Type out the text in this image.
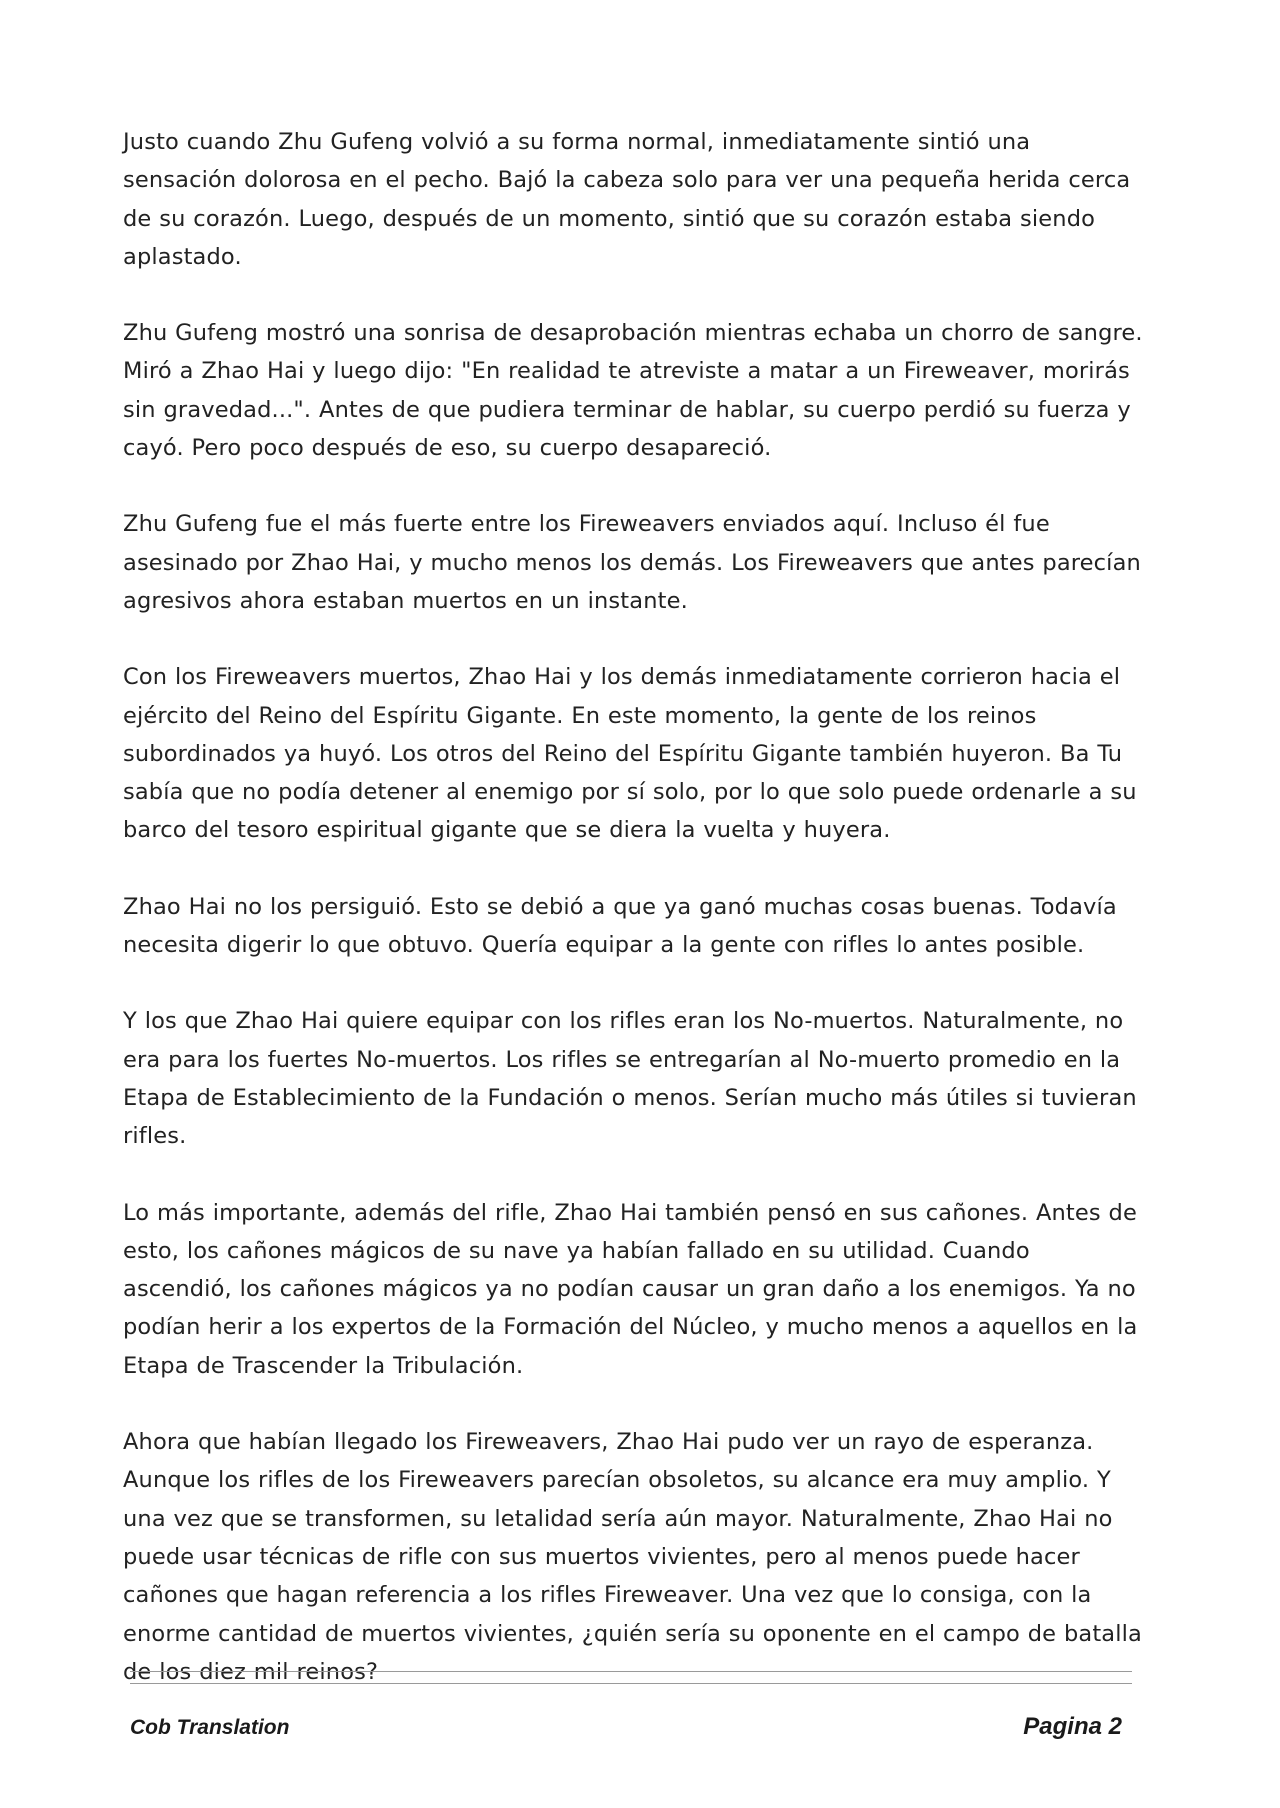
Justo cuando Zhu Gufeng volvió a su forma normal, inmediatamente sintió una sensación dolorosa en el pecho. Bajó la cabeza solo para ver una pequeña herida cerca de su corazón. Luego, después de un momento, sintió que su corazón estaba siendo aplastado.

Zhu Gufeng mostró una sonrisa de desaprobación mientras echaba un chorro de sangre. Miró a Zhao Hai y luego dijo: "En realidad te atreviste a matar a un Fireweaver, morirás sin gravedad...". Antes de que pudiera terminar de hablar, su cuerpo perdió su fuerza y cayó. Pero poco después de eso, su cuerpo desapareció.

Zhu Gufeng fue el más fuerte entre los Fireweavers enviados aquí. Incluso él fue asesinado por Zhao Hai, y mucho menos los demás. Los Fireweavers que antes parecían agresivos ahora estaban muertos en un instante.

Con los Fireweavers muertos, Zhao Hai y los demás inmediatamente corrieron hacia el ejército del Reino del Espíritu Gigante. En este momento, la gente de los reinos subordinados ya huyó. Los otros del Reino del Espíritu Gigante también huyeron. Ba Tu sabía que no podía detener al enemigo por sí solo, por lo que solo puede ordenarle a su barco del tesoro espiritual gigante que se diera la vuelta y huyera.

Zhao Hai no los persiguió. Esto se debió a que ya ganó muchas cosas buenas. Todavía necesita digerir lo que obtuvo. Quería equipar a la gente con rifles lo antes posible.

Y los que Zhao Hai quiere equipar con los rifles eran los No-muertos. Naturalmente, no era para los fuertes No-muertos. Los rifles se entregarían al No-muerto promedio en la Etapa de Establecimiento de la Fundación o menos. Serían mucho más útiles si tuvieran rifles.

Lo más importante, además del rifle, Zhao Hai también pensó en sus cañones. Antes de esto, los cañones mágicos de su nave ya habían fallado en su utilidad. Cuando ascendió, los cañones mágicos ya no podían causar un gran daño a los enemigos. Ya no podían herir a los expertos de la Formación del Núcleo, y mucho menos a aquellos en la Etapa de Trascender la Tribulación.

Ahora que habían llegado los Fireweavers, Zhao Hai pudo ver un rayo de esperanza. Aunque los rifles de los Fireweavers parecían obsoletos, su alcance era muy amplio. Y una vez que se transformen, su letalidad sería aún mayor. Naturalmente, Zhao Hai no puede usar técnicas de rifle con sus muertos vivientes, pero al menos puede hacer cañones que hagan referencia a los rifles Fireweaver. Una vez que lo consiga, con la enorme cantidad de muertos vivientes, ¿quién sería su oponente en el campo de batalla de los diez mil reinos?

Cob Translation	Pagina 2
